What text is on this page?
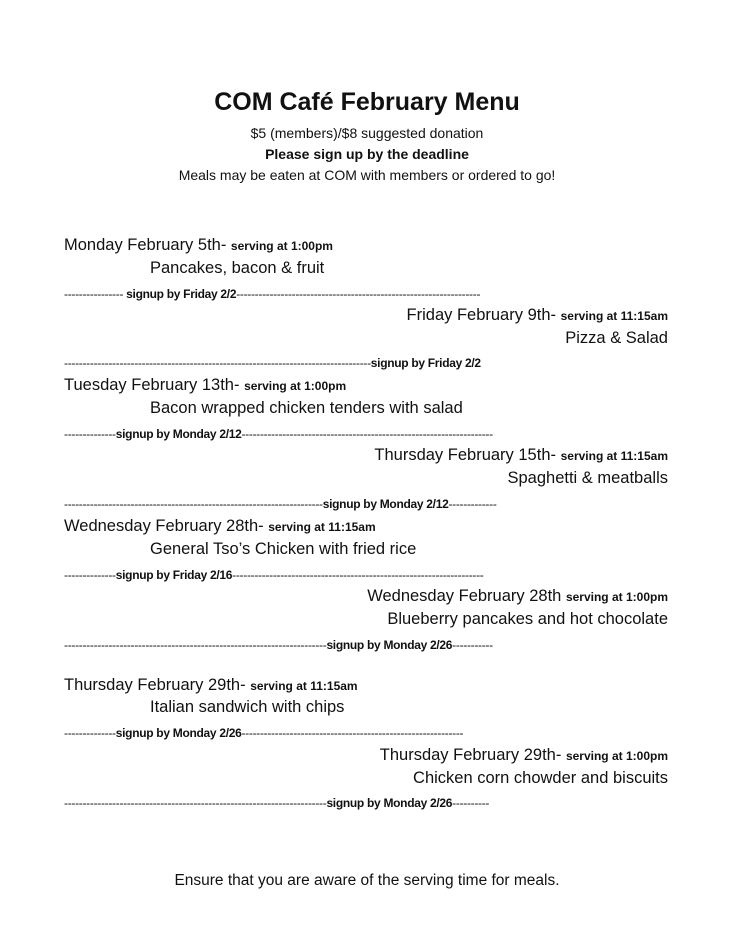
COM Café February Menu
$5 (members)/$8 suggested donation
Please sign up by the deadline
Meals may be eaten at COM with members or ordered to go!
Monday February 5th- serving at 1:00pm
Pancakes, bacon & fruit
---------------- signup by Friday 2/2------------------------------------------------------------------
Friday February 9th- serving at 11:15am
Pizza & Salad
-----------------------------------------------------------------------------------signup by Friday 2/2
Tuesday February 13th- serving at 1:00pm
Bacon wrapped chicken tenders with salad
--------------signup by Monday 2/12--------------------------------------------------------------------
Thursday February 15th- serving at 11:15am
Spaghetti & meatballs
----------------------------------------------------------------------signup by Monday 2/12-------------
Wednesday February 28th- serving at 11:15am
General Tso’s Chicken with fried rice
--------------signup by Friday 2/16--------------------------------------------------------------------
Wednesday February 28th serving at 1:00pm
Blueberry pancakes and hot chocolate
-----------------------------------------------------------------------signup by Monday 2/26-----------
Thursday February 29th- serving at 11:15am
Italian sandwich with chips
--------------signup by Monday 2/26------------------------------------------------------------
Thursday February 29th- serving at 1:00pm
Chicken corn chowder and biscuits
-----------------------------------------------------------------------signup by Monday 2/26----------
Ensure that you are aware of the serving time for meals.
